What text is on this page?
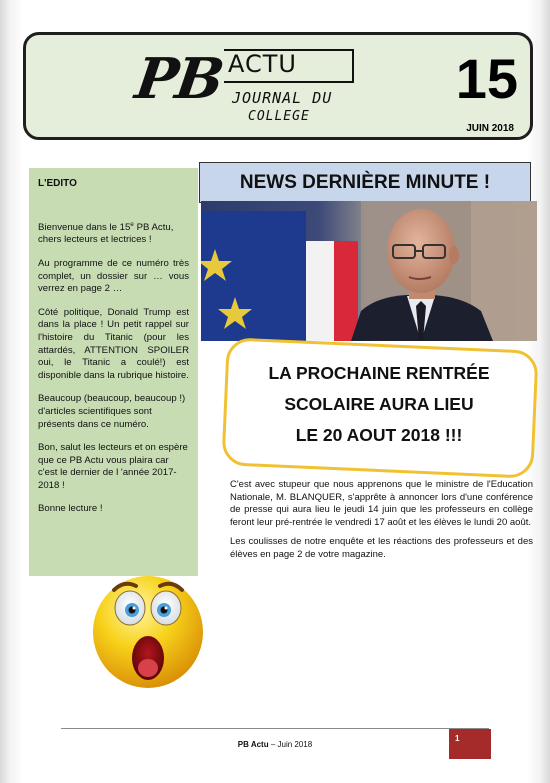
PB ACTU
JOURNAL DU
COLLEGE
15
JUIN 2018
L'EDITO

Bienvenue dans le 15e PB Actu, chers lecteurs et lectrices !

Au programme de ce numéro très complet, un dossier sur … vous verrez en page 2 …

Côté politique, Donald Trump est dans la place ! Un petit rappel sur l'histoire du Titanic (pour les attardés, ATTENTION SPOILER oui, le Titanic a coulé!) est disponible dans la rubrique histoire.

Beaucoup (beaucoup, beaucoup !) d'articles scientifiques sont présents dans ce numéro.

Bon, salut les lecteurs et on espère que ce PB Actu vous plaira car c'est le dernier de l 'année 2017-2018 !

Bonne lecture !

NEWS DERNIÈRE MINUTE !
LA PROCHAINE RENTRÉE
SCOLAIRE AURA LIEU
LE 20 AOUT 2018 !!!

C'est avec stupeur que nous apprenons que le ministre de l'Education Nationale, M. BLANQUER, s'apprête à annoncer lors d'une conférence de presse qui aura lieu le jeudi 14 juin que les professeurs en collège feront leur pré-rentrée le vendredi 17 août et les élèves le lundi 20 août.

Les coulisses de notre enquête et les réactions des professeurs et des élèves en page 2 de votre magazine.

PB Actu – Juin 2018
1
